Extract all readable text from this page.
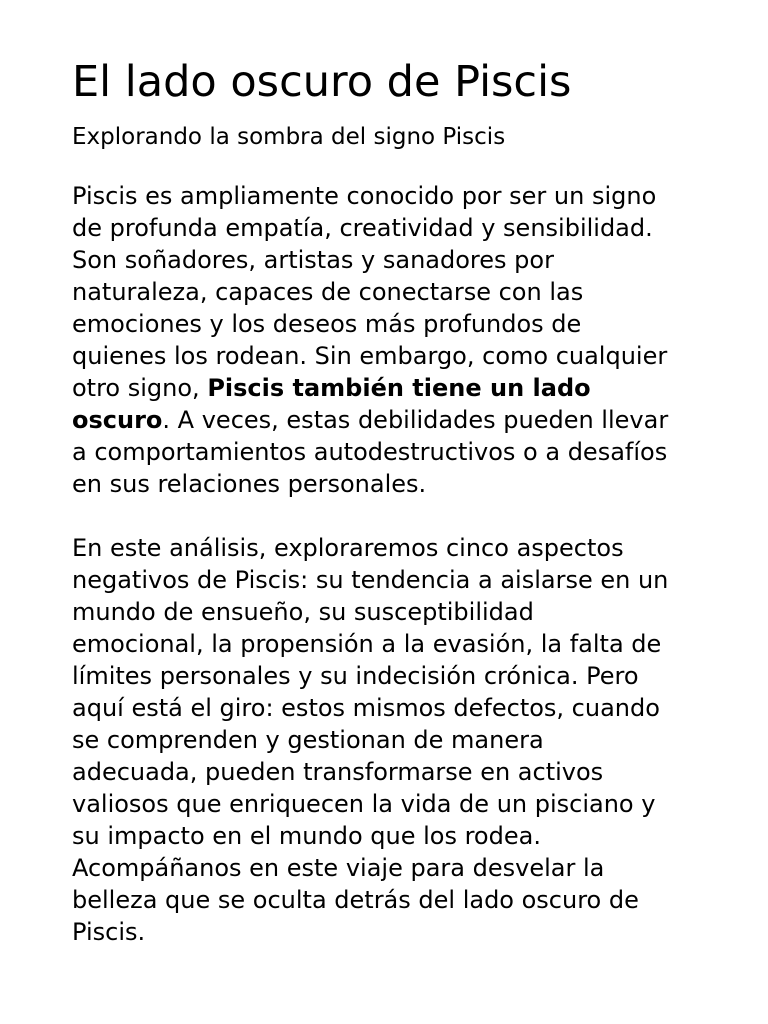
El lado oscuro de Piscis

Explorando la sombra del signo Piscis

Piscis es ampliamente conocido por ser un signo
de profunda empatía, creatividad y sensibilidad.
Son soñadores, artistas y sanadores por
naturaleza, capaces de conectarse con las
emociones y los deseos más profundos de
quienes los rodean. Sin embargo, como cualquier
otro signo, Piscis también tiene un lado
oscuro. A veces, estas debilidades pueden llevar
a comportamientos autodestructivos o a desafíos
en sus relaciones personales.

En este análisis, exploraremos cinco aspectos
negativos de Piscis: su tendencia a aislarse en un
mundo de ensueño, su susceptibilidad
emocional, la propensión a la evasión, la falta de
límites personales y su indecisión crónica. Pero
aquí está el giro: estos mismos defectos, cuando
se comprenden y gestionan de manera
adecuada, pueden transformarse en activos
valiosos que enriquecen la vida de un pisciano y
su impacto en el mundo que los rodea.
Acompáñanos en este viaje para desvelar la
belleza que se oculta detrás del lado oscuro de
Piscis.
